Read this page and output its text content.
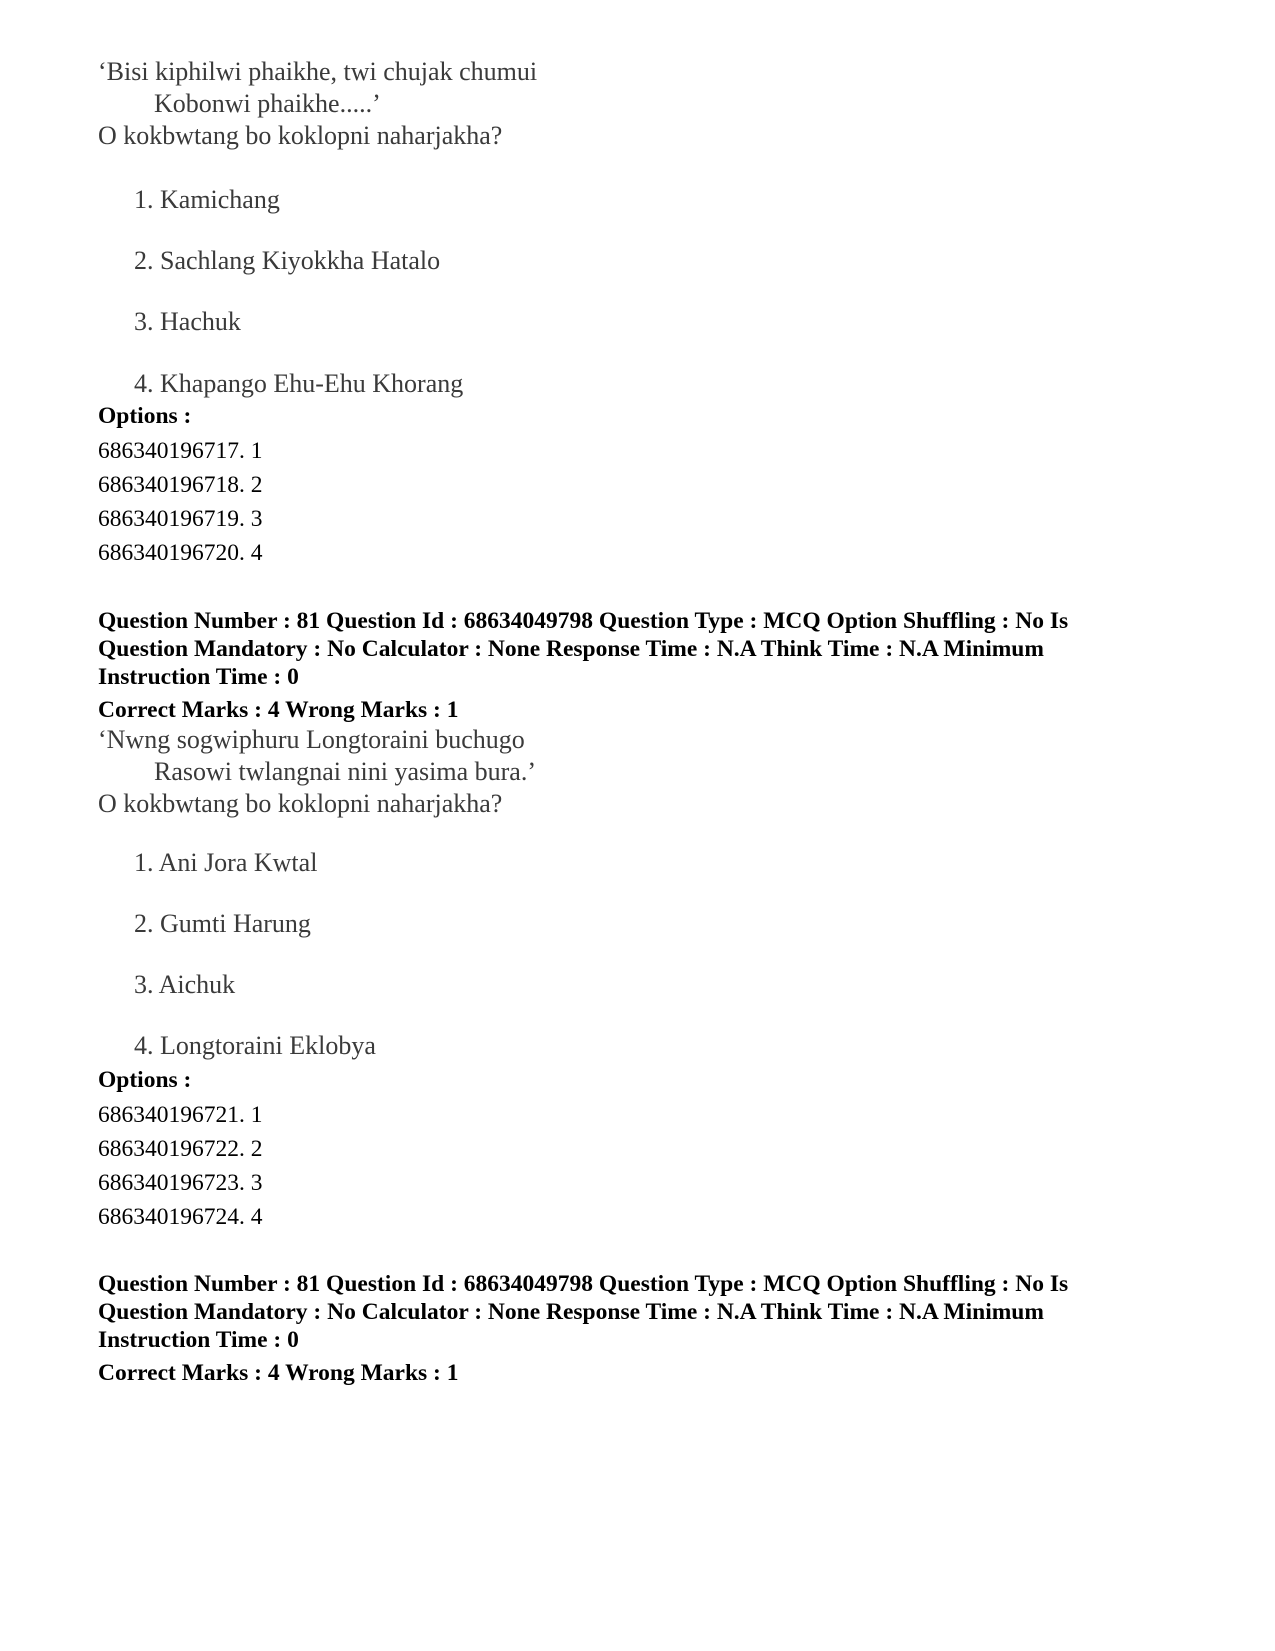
‘Bisi kiphilwi phaikhe, twi chujak chumui

Kobonwi phaikhe.....’

O kokbwtang bo koklopni naharjakha?

1. Kamichang
2. Sachlang Kiyokkha Hatalo
3. Hachuk
4. Khapango Ehu-Ehu Khorang

Options :

686340196717. 1

686340196718. 2

686340196719. 3

686340196720. 4

Question Number : 81 Question Id : 68634049798 Question Type : MCQ Option Shuffling : No Is

Question Mandatory : No Calculator : None Response Time : N.A Think Time : N.A Minimum

Instruction Time : 0

Correct Marks : 4 Wrong Marks : 1

‘Nwng sogwiphuru Longtoraini buchugo

Rasowi twlangnai nini yasima bura.’

O kokbwtang bo koklopni naharjakha?

1. Ani Jora Kwtal
2. Gumti Harung
3. Aichuk
4. Longtoraini Eklobya

Options :

686340196721. 1

686340196722. 2

686340196723. 3

686340196724. 4

Question Number : 81 Question Id : 68634049798 Question Type : MCQ Option Shuffling : No Is

Question Mandatory : No Calculator : None Response Time : N.A Think Time : N.A Minimum

Instruction Time : 0

Correct Marks : 4 Wrong Marks : 1
